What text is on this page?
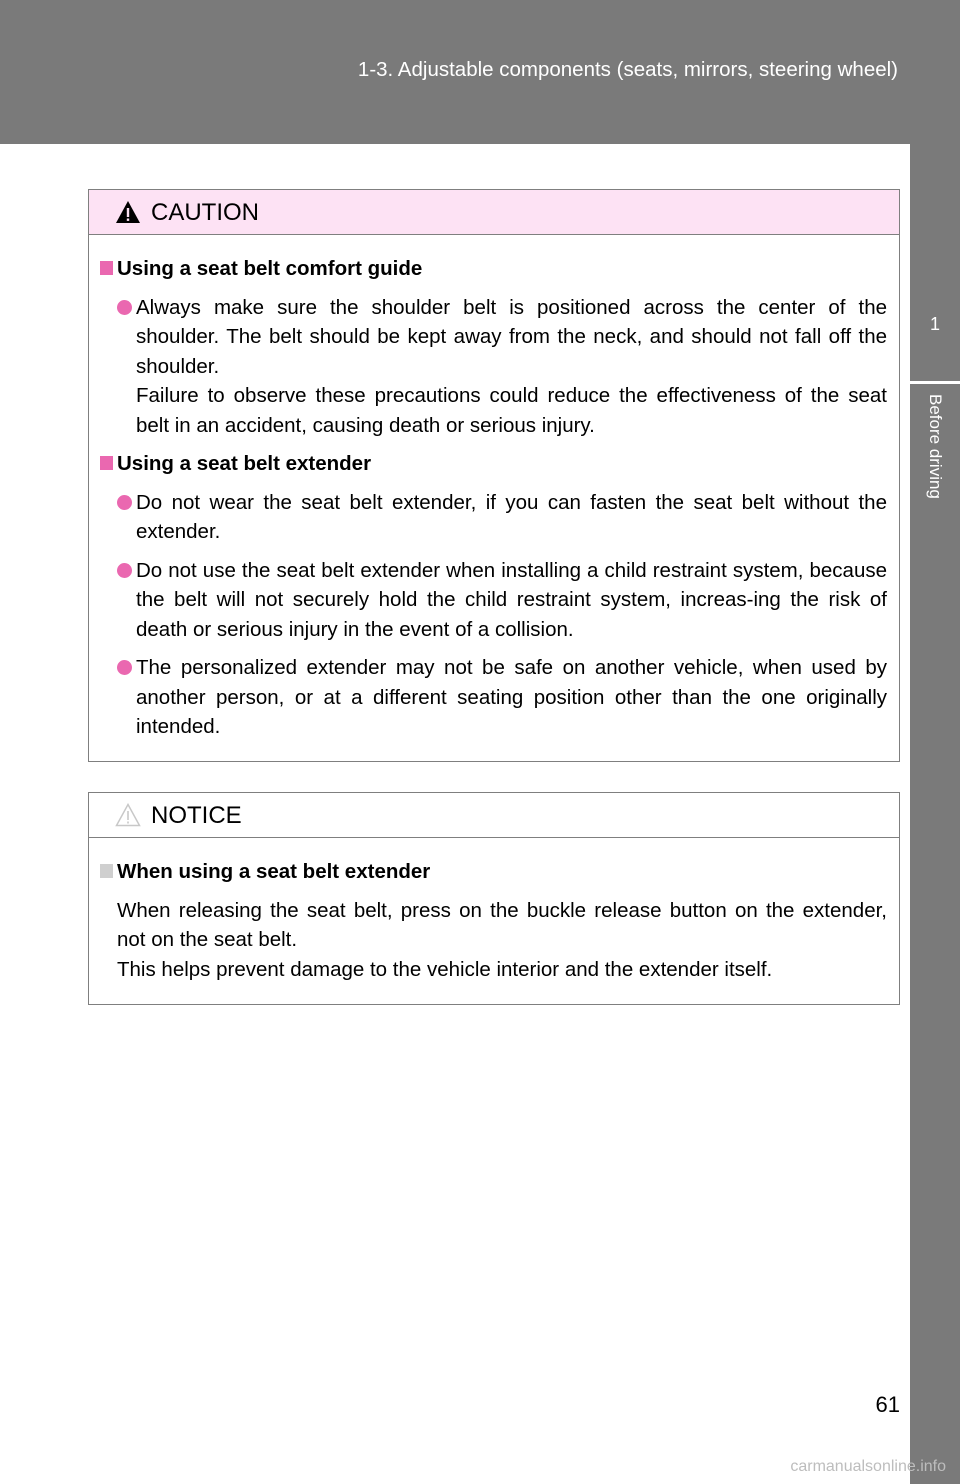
1-3. Adjustable components (seats, mirrors, steering wheel)
1
Before driving
CAUTION
Using a seat belt comfort guide
Always make sure the shoulder belt is positioned across the center of the shoulder. The belt should be kept away from the neck, and should not fall off the shoulder.
Failure to observe these precautions could reduce the effectiveness of the seat belt in an accident, causing death or serious injury.
Using a seat belt extender
Do not wear the seat belt extender, if you can fasten the seat belt without the extender.
Do not use the seat belt extender when installing a child restraint system, because the belt will not securely hold the child restraint system, increas-ing the risk of death or serious injury in the event of a collision.
The personalized extender may not be safe on another vehicle, when used by another person, or at a different seating position other than the one originally intended.
NOTICE
When using a seat belt extender
When releasing the seat belt, press on the buckle release button on the extender, not on the seat belt.
This helps prevent damage to the vehicle interior and the extender itself.
61
carmanualsonline.info
